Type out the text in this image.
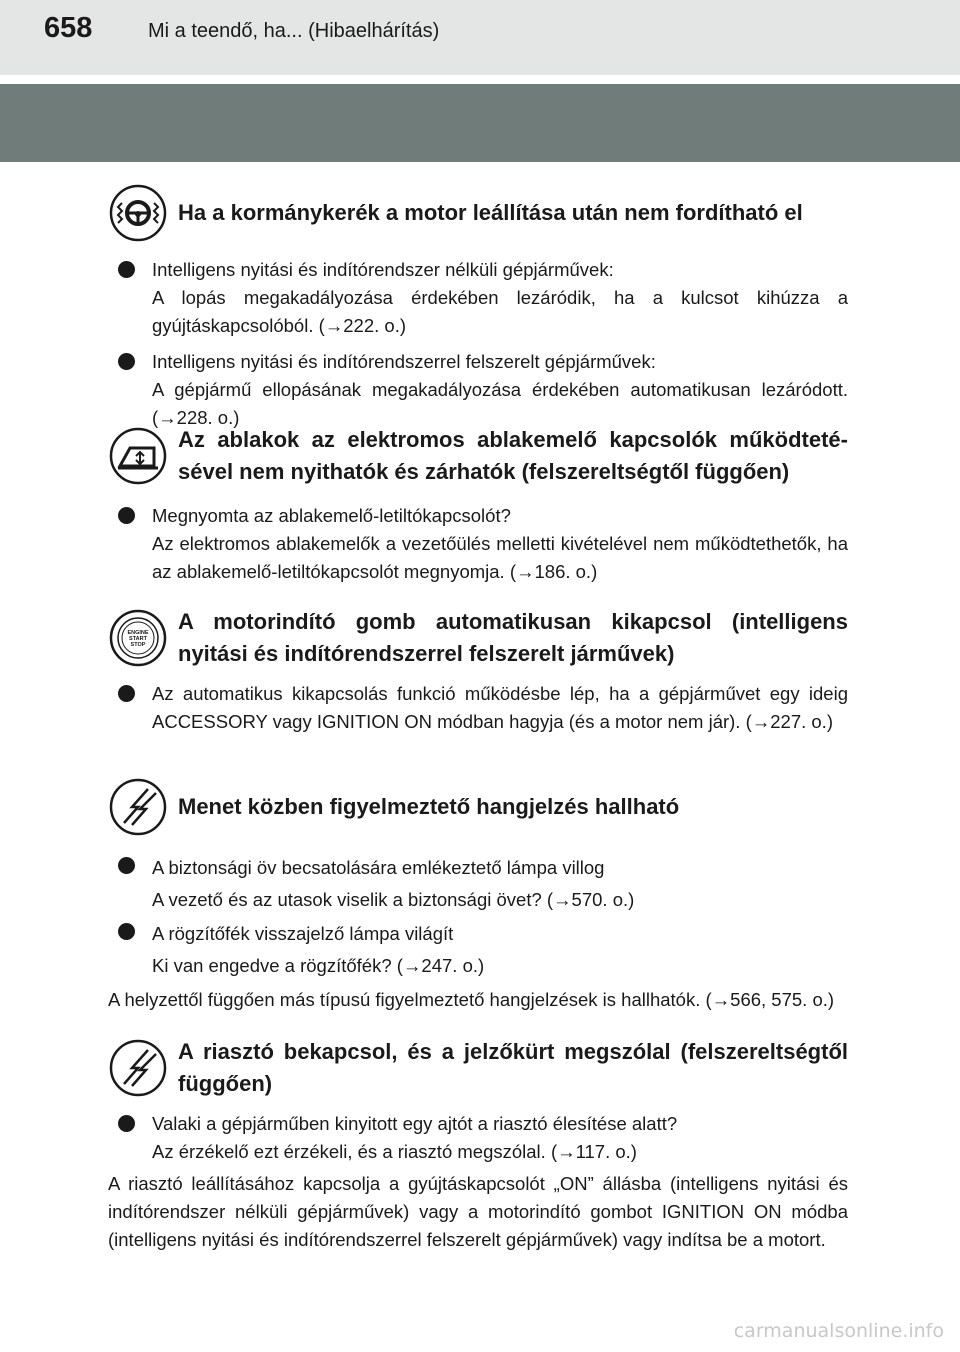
658	Mi a teendő, ha... (Hibaelhárítás)
Ha a kormánykerék a motor leállítása után nem fordítható el
Intelligens nyitási és indítórendszer nélküli gépjárművek:
A lopás megakadályozása érdekében lezáródik, ha a kulcsot kihúzza a gyújtáskapcsolóból. (→222. o.)
Intelligens nyitási és indítórendszerrel felszerelt gépjárművek:
A gépjármű ellopásának megakadályozása érdekében automatikusan lezáródott. (→228. o.)
Az ablakok az elektromos ablakemelő kapcsolók működtetésével nem nyithatók és zárhatók (felszereltségtől függően)
Megnyomta az ablakemelő-letiltókapcsolót?
Az elektromos ablakemelők a vezetőülés melletti kivételével nem működtethetők, ha az ablakemelő-letiltókapcsolót megnyomja. (→186. o.)
ENGINE
START
STOP
A motorindító gomb automatikusan kikapcsol (intelligens nyitási és indítórendszerrel felszerelt járművek)
Az automatikus kikapcsolás funkció működésbe lép, ha a gépjárművet egy ideig ACCESSORY vagy IGNITION ON módban hagyja (és a motor nem jár). (→227. o.)
Menet közben figyelmeztető hangjelzés hallható
A biztonsági öv becsatolására emlékeztető lámpa villog
A vezető és az utasok viselik a biztonsági övet? (→570. o.)
A rögzítőfék visszajelző lámpa világít
Ki van engedve a rögzítőfék? (→247. o.)
A helyzettől függően más típusú figyelmeztető hangjelzések is hallhatók. (→566, 575. o.)
A riasztó bekapcsol, és a jelzőkürt megszólal (felszereltségtől függően)
Valaki a gépjárműben kinyitott egy ajtót a riasztó élesítése alatt?
Az érzékelő ezt érzékeli, és a riasztó megszólal. (→117. o.)
A riasztó leállításához kapcsolja a gyújtáskapcsolót „ON” állásba (intelligens nyitási és indítórendszer nélküli gépjárművek) vagy a motorindító gombot IGNITION ON módba (intelligens nyitási és indítórendszerrel felszerelt gépjárművek) vagy indítsa be a motort.
carmanualsonline.info
